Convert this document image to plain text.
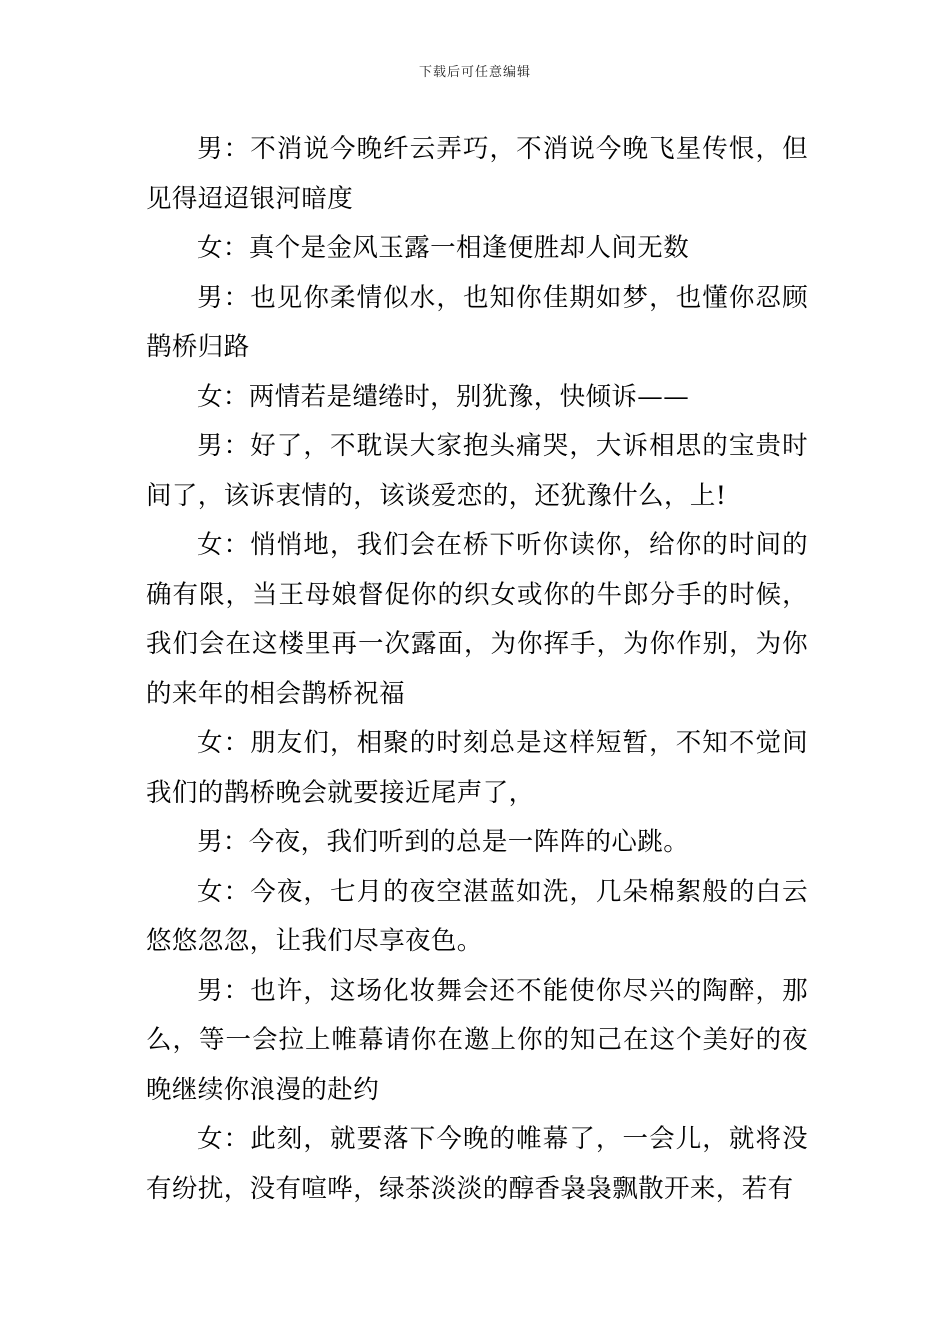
下载后可任意编辑

男：不消说今晚纤云弄巧，不消说今晚飞星传恨，但见得迢迢银河暗度

女：真个是金风玉露一相逢便胜却人间无数

男：也见你柔情似水，也知你佳期如梦，也懂你忍顾鹊桥归路

女：两情若是缱绻时，别犹豫，快倾诉——

男：好了，不耽误大家抱头痛哭，大诉相思的宝贵时间了，该诉衷情的，该谈爱恋的，还犹豫什么，上!

女：悄悄地，我们会在桥下听你读你，给你的时间的确有限，当王母娘督促你的织女或你的牛郎分手的时候，我们会在这楼里再一次露面，为你挥手，为你作别，为你的来年的相会鹊桥祝福

女：朋友们，相聚的时刻总是这样短暂，不知不觉间我们的鹊桥晚会就要接近尾声了，

男：今夜，我们听到的总是一阵阵的心跳。

女：今夜，七月的夜空湛蓝如洗，几朵棉絮般的白云悠悠忽忽，让我们尽享夜色。

男：也许，这场化妆舞会还不能使你尽兴的陶醉，那么，等一会拉上帷幕请你在邀上你的知己在这个美好的夜晚继续你浪漫的赴约

女：此刻，就要落下今晚的帷幕了，一会儿，就将没有纷扰，没有喧哗，绿茶淡淡的醇香袅袅飘散开来，若有
